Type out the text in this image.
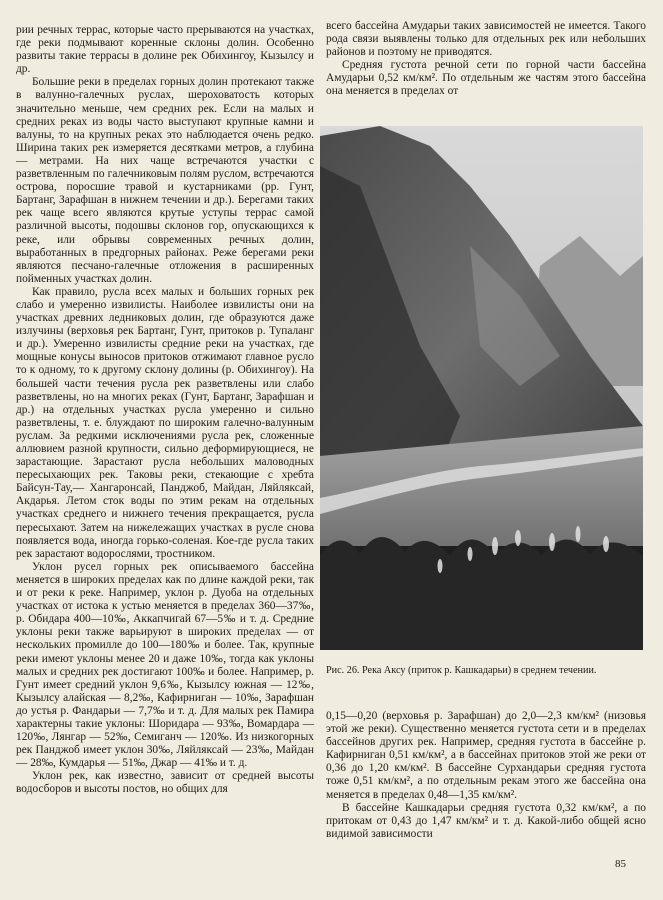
рии речных террас, которые часто прерываются на участках, где реки подмывают коренные склоны долин. Особенно развиты такие террасы в долине рек Обихингоу, Кызылсу и др.

Большие реки в пределах горных долин протекают также в валунно-галечных руслах, шероховатость которых значительно меньше, чем средних рек. Если на малых и средних реках из воды часто выступают крупные камни и валуны, то на крупных реках это наблюдается очень редко. Ширина таких рек измеряется десятками метров, а глубина — метрами. На них чаще встречаются участки с разветвленным по галечниковым полям руслом, встречаются острова, поросшие травой и кустарниками (рр. Гунт, Бартанг, Зарафшан в нижнем течении и др.). Берегами таких рек чаще всего являются крутые уступы террас самой различной высоты, подошвы склонов гор, опускающихся к реке, или обрывы современных речных долин, выработанных в предгорных районах. Реже берегами реки являются песчано-галечные отложения в расширенных пойменных участках долин.

Как правило, русла всех малых и больших горных рек слабо и умеренно извилисты. Наиболее извилисты они на участках древних ледниковых долин, где образуются даже излучины (верховья рек Бартанг, Гунт, притоков р. Тупаланг и др.). Умеренно извилисты средние реки на участках, где мощные конусы выносов притоков отжимают главное русло то к одному, то к другому склону долины (р. Обихингоу). На большей части течения русла рек разветвлены или слабо разветвлены, но на многих реках (Гунт, Бартанг, Зарафшан и др.) на отдельных участках русла умеренно и сильно разветвлены, т. е. блуждают по широким галечно-валунным руслам. За редкими исключениями русла рек, сложенные аллювием разной крупности, сильно деформирующиеся, не зарастающие. Зарастают русла небольших маловодных пересыхающих рек. Таковы реки, стекающие с хребта Байсун-Тау,— Хангаронсай, Панджоб, Майдан, Ляйляксай, Акдарья. Летом сток воды по этим рекам на отдельных участках среднего и нижнего течения прекращается, русла пересыхают. Затем на нижележащих участках в русле снова появляется вода, иногда горько-соленая. Кое-где русла таких рек зарастают водорослями, тростником.

Уклон русел горных рек описываемого бассейна меняется в широких пределах как по длине каждой реки, так и от реки к реке. Например, уклон р. Дуоба на отдельных участках от истока к устью меняется в пределах 360—37‰, р. Обидара 400—10‰, Аккапчигай 67—5‰ и т. д. Средние уклоны реки также варьируют в широких пределах — от нескольких промилле до 100—180‰ и более. Так, крупные реки имеют уклоны менее 20 и даже 10‰, тогда как уклоны малых и средних рек достигают 100‰ и более. Например, р. Гунт имеет средний уклон 9,6‰, Кызылсу южная — 12‰, Кызылсу алайская — 8,2‰, Кафирниган — 10‰, Зарафшан до устья р. Фандарьи — 7,7‰ и т. д. Для малых рек Памира характерны такие уклоны: Шоридара — 93‰, Вомардара — 120‰, Лянгар — 52‰, Семиганч — 120‰. Из низкогорных рек Панджоб имеет уклон 30‰, Ляйляксай — 23‰, Майдан — 28‰, Кумдарья — 51‰, Джар — 41‰ и т. д.

Уклон рек, как известно, зависит от средней высоты водосборов и высоты постов, но общих для

всего бассейна Амударьи таких зависимостей не имеется. Такого рода связи выявлены только для отдельных рек или небольших районов и поэтому не приводятся.

Средняя густота речной сети по горной части бассейна Амударьи 0,52 км/км². По отдельным же частям этого бассейна она меняется в пределах от

Рис. 26. Река Аксу (приток р. Кашкадарьи) в среднем течении.

0,15—0,20 (верховья р. Зарафшан) до 2,0—2,3 км/км² (низовья этой же реки). Существенно меняется густота сети и в пределах бассейнов других рек. Например, средняя густота в бассейне р. Кафирниган 0,51 км/км², а в бассейнах притоков этой же реки от 0,36 до 1,20 км/км². В бассейне Сурхандарьи средняя густота тоже 0,51 км/км², а по отдельным рекам этого же бассейна она меняется в пределах 0,48—1,35 км/км².

В бассейне Кашкадарьи средняя густота 0,32 км/км², а по притокам от 0,43 до 1,47 км/км² и т. д. Какой-либо общей ясно видимой зависимости

85
